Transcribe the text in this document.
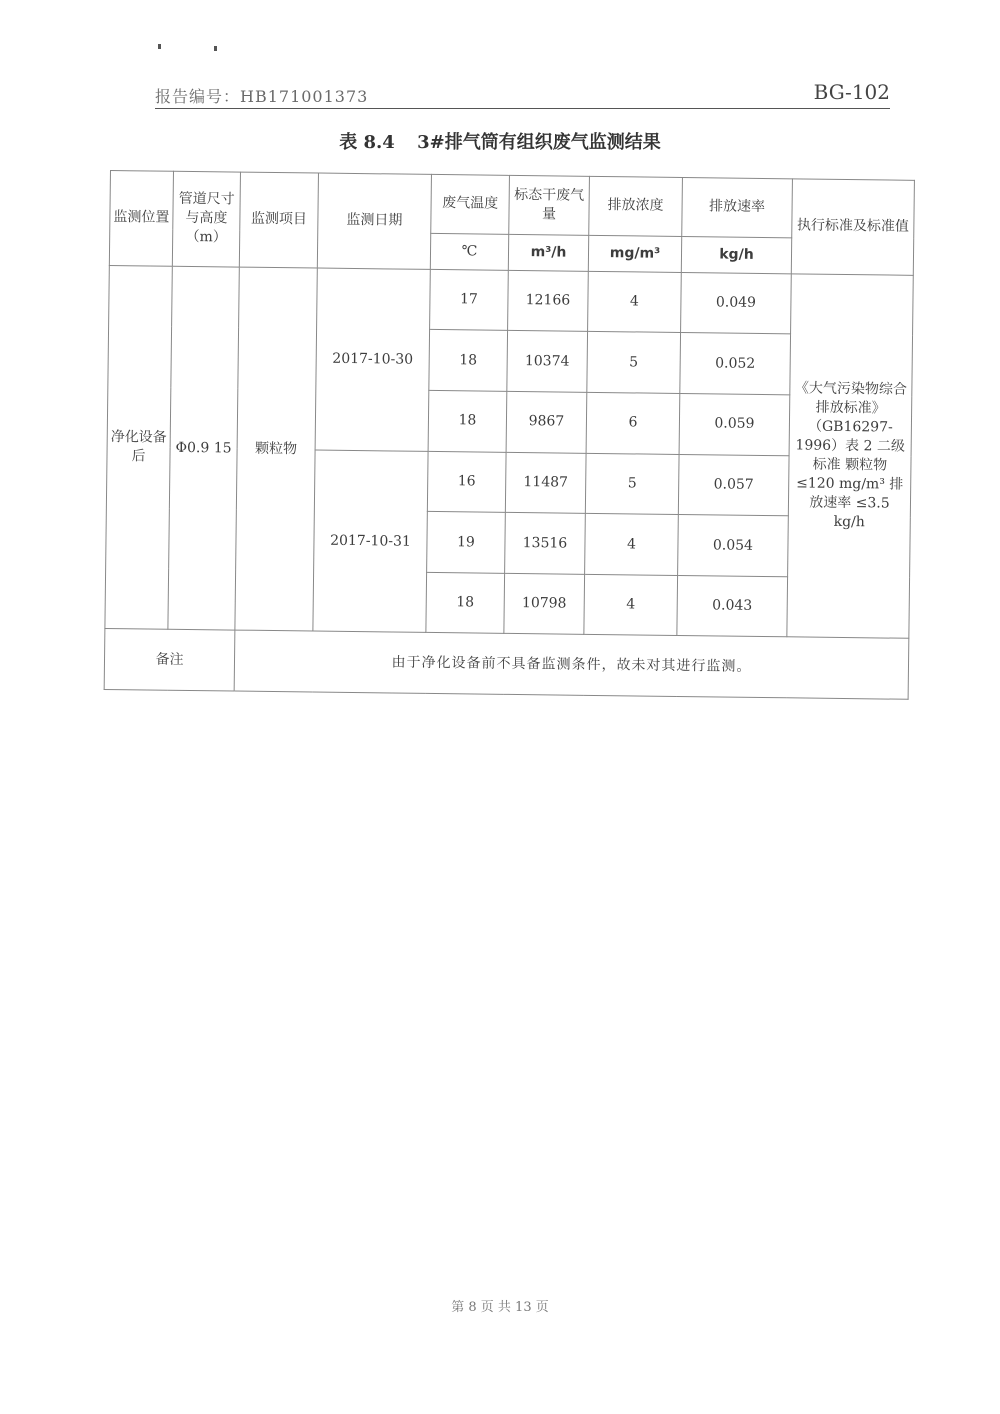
报告编号：HB171001373	BG-102
表 8.4 3#排气筒有组织废气监测结果
监测位置	管道尺寸与高度（m）	监测项目	监测日期	废气温度	标态干废气量	排放浓度	排放速率	执行标准及标准值
				℃	m³/h	mg/m³	kg/h	
净化设备后	Φ0.9 15	颗粒物	2017-10-30	17	12166	4	0.049	《大气污染物综合排放标准》（GB16297-1996）表 2 二级标准 颗粒物 ≤120 mg/m³ 排放速率 ≤3.5 kg/h
				18	10374	5	0.052	
				18	9867	6	0.059	
			2017-10-31	16	11487	5	0.057	
				19	13516	4	0.054	
				18	10798	4	0.043	
备注		由于净化设备前不具备监测条件，故未对其进行监测。						
第 8 页 共 13 页
